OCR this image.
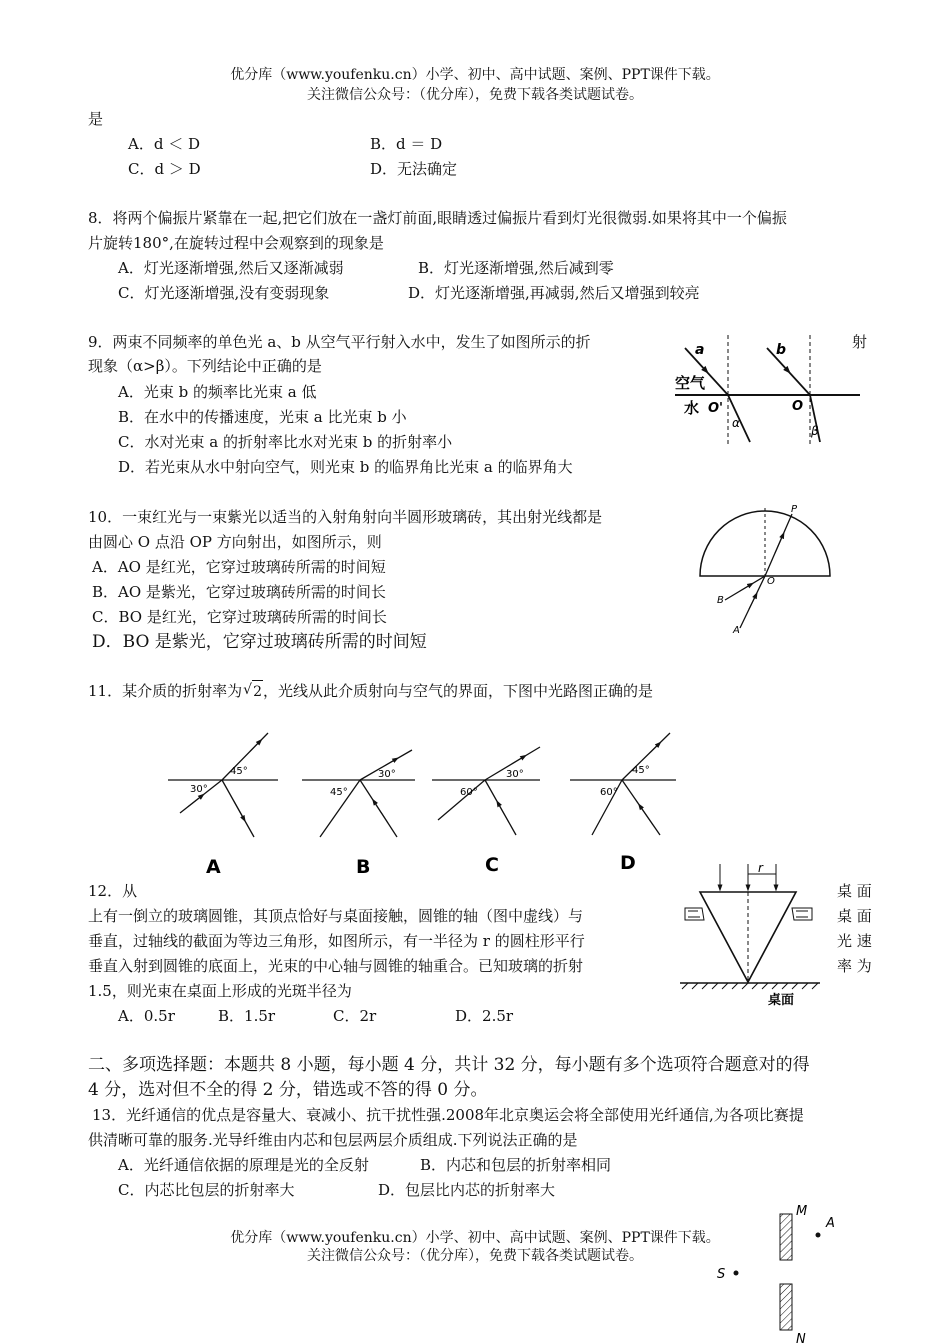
优分库（www.youfenku.cn）小学、初中、高中试题、案例、PPT课件下载。
关注微信公众号：（优分库），免费下载各类试题试卷。
是
A．d ＜ D	B．d ＝ D
C．d ＞ D	D．无法确定
8．将两个偏振片紧靠在一起,把它们放在一盏灯前面,眼睛透过偏振片看到灯光很微弱.如果将其中一个偏振
片旋转180°,在旋转过程中会观察到的现象是
A．灯光逐渐增强,然后又逐渐减弱	B．灯光逐渐增强,然后减到零
C．灯光逐渐增强,没有变弱现象	D．灯光逐渐增强,再减弱,然后又增强到较亮
9．两束不同频率的单色光 a、b 从空气平行射入水中，发生了如图所示的折	射
现象（α>β）。下列结论中正确的是
A．光束 b 的频率比光束 a 低
B．在水中的传播速度，光束 a 比光束 b 小
C．水对光束 a 的折射率比水对光束 b 的折射率小
D．若光束从水中射向空气，则光束 b 的临界角比光束 a 的临界角大
a	b
空气
水 O'	O
α
β
10．一束红光与一束紫光以适当的入射角射向半圆形玻璃砖，其出射光线都是
由圆心 O 点沿 OP 方向射出，如图所示，则
A．AO 是红光，它穿过玻璃砖所需的时间短
B．AO 是紫光，它穿过玻璃砖所需的时间长
C．BO 是红光，它穿过玻璃砖所需的时间长
D．BO 是紫光，它穿过玻璃砖所需的时间短
P
O
B
A
11．某介质的折射率为 √ 2，光线从此介质射向与空气的界面，下图中光路图正确的是
30°
45°
A
45°
30°
B
60°
30°
C
60°
45°
D
12．从	桌 面
上有一倒立的玻璃圆锥，其顶点恰好与桌面接触，圆锥的轴（图中虚线）与	桌 面
垂直，过轴线的截面为等边三角形，如图所示，有一半径为 r 的圆柱形平行	光 速
垂直入射到圆锥的底面上，光束的中心轴与圆锥的轴重合。已知玻璃的折射	率 为
1.5，则光束在桌面上形成的光斑半径为
A．0.5r	B．1.5r	C．2r	D．2.5r
r
桌面
二、多项选择题：本题共 8 小题，每小题 4 分，共计 32 分，每小题有多个选项符合题意对的得
4 分，选对但不全的得 2 分，错选或不答的得 0 分。
13．光纤通信的优点是容量大、衰减小、抗干扰性强.2008年北京奥运会将全部使用光纤通信,为各项比赛提
供清晰可靠的服务.光导纤维由内芯和包层两层介质组成.下列说法正确的是
A．光纤通信依据的原理是光的全反射	B．内芯和包层的折射率相同
C．内芯比包层的折射率大	D．包层比内芯的折射率大
优分库（www.youfenku.cn）小学、初中、高中试题、案例、PPT课件下载。
关注微信公众号：（优分库），免费下载各类试题试卷。
M
A
S
N
